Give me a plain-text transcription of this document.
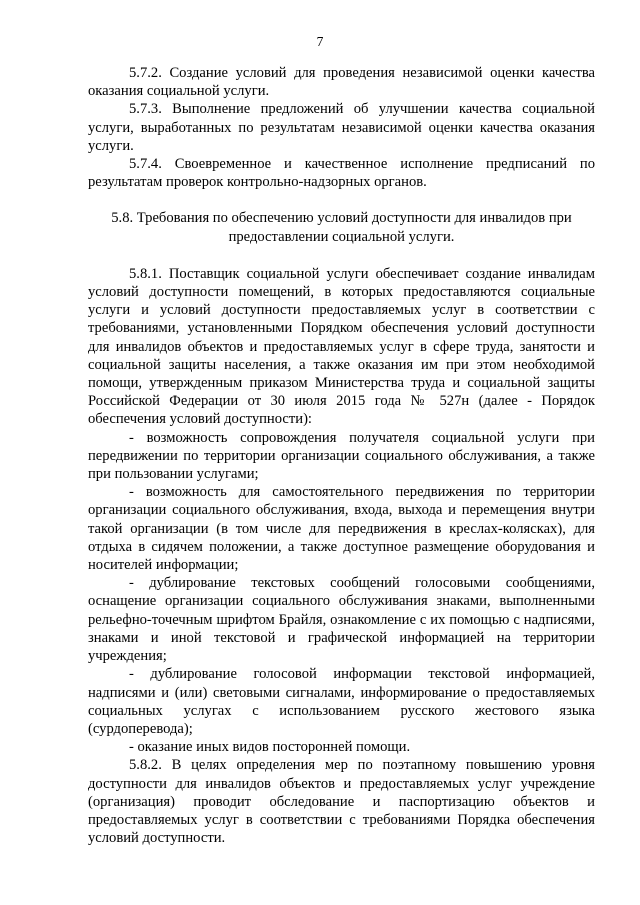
7

5.7.2. Создание условий для проведения независимой оценки качества оказания социальной услуги.

5.7.3. Выполнение предложений об улучшении качества социальной услуги, выработанных по результатам независимой оценки качества оказания услуги.

5.7.4. Своевременное и качественное исполнение предписаний по результатам проверок контрольно-надзорных органов.

5.8. Требования по обеспечению условий доступности для инвалидов при предоставлении социальной услуги.

5.8.1. Поставщик социальной услуги обеспечивает создание инвалидам условий доступности помещений, в которых предоставляются социальные услуги и условий доступности предоставляемых услуг в соответствии с требованиями, установленными Порядком обеспечения условий доступности для инвалидов объектов и предоставляемых услуг в сфере труда, занятости и социальной защиты населения, а также оказания им при этом необходимой помощи, утвержденным приказом Министерства труда и социальной защиты Российской Федерации от 30 июля 2015 года № 527н (далее - Порядок обеспечения условий доступности):

- возможность сопровождения получателя социальной услуги при передвижении по территории организации социального обслуживания, а также при пользовании услугами;

- возможность для самостоятельного передвижения по территории организации социального обслуживания, входа, выхода и перемещения внутри такой организации (в том числе для передвижения в креслах-колясках), для отдыха в сидячем положении, а также доступное размещение оборудования и носителей информации;

- дублирование текстовых сообщений голосовыми сообщениями, оснащение организации социального обслуживания знаками, выполненными рельефно-точечным шрифтом Брайля, ознакомление с их помощью с надписями, знаками и иной текстовой и графической информацией на территории учреждения;

- дублирование голосовой информации текстовой информацией, надписями и (или) световыми сигналами, информирование о предоставляемых социальных услугах с использованием русского жестового языка (сурдоперевода);

- оказание иных видов посторонней помощи.

5.8.2. В целях определения мер по поэтапному повышению уровня доступности для инвалидов объектов и предоставляемых услуг учреждение (организация) проводит обследование и паспортизацию объектов и предоставляемых услуг в соответствии с требованиями Порядка обеспечения условий доступности.
